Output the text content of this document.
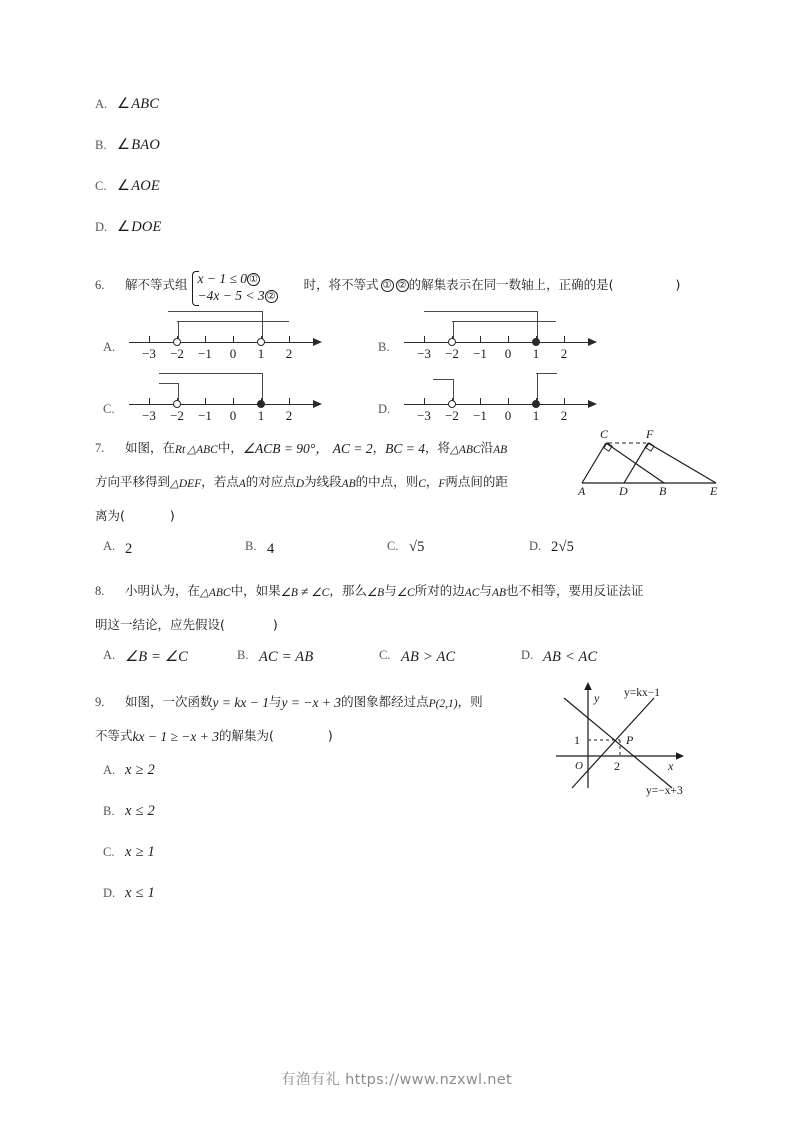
A.	∠ ABC
B.	∠ BAO
C.	∠ AOE
D.	∠ DOE
6. 解不等式组 x − 1 ≤ 0 ①
−4x − 5 < 3 ②
时，将不等式 ① ② 的解集表示在同一数轴上，正确的是(	)
A. −3 −2 −1 0 1 2	B. −3 −2 −1 0 1 2
C. −3 −2 −1 0 1 2	D. −3 −2 −1 0 1 2
7. 如图，在Rt △ABC中，∠ACB = 90°， AC = 2，BC = 4，将△ABC沿AB
C	F
A	D	B	E
方向平移得到△DEF，若点A的对应点D为线段AB的中点，则C，F两点间的距
离为(	)
A. 2	B. 4	C. √5	D. 2√5
8. 小明认为，在△ABC中，如果∠B ≠ ∠C，那么∠B与∠C所对的边AC与AB也不相等，要用反证法证
明这一结论，应先假设(	)
A. ∠B = ∠C	B. AC = AB	C. AB > AC	D. AB < AC
9. 如图，一次函数y = kx − 1与y = −x + 3的图象都经过点P(2,1)，则	y
x
O	2
1	P
y=kx−1
y=−x+3
不等式kx − 1 ≥ −x + 3的解集为(	)
A. x ≥ 2
B. x ≤ 2
C. x ≥ 1
D. x ≤ 1
有渔有礼 https://www.nzxwl.net
